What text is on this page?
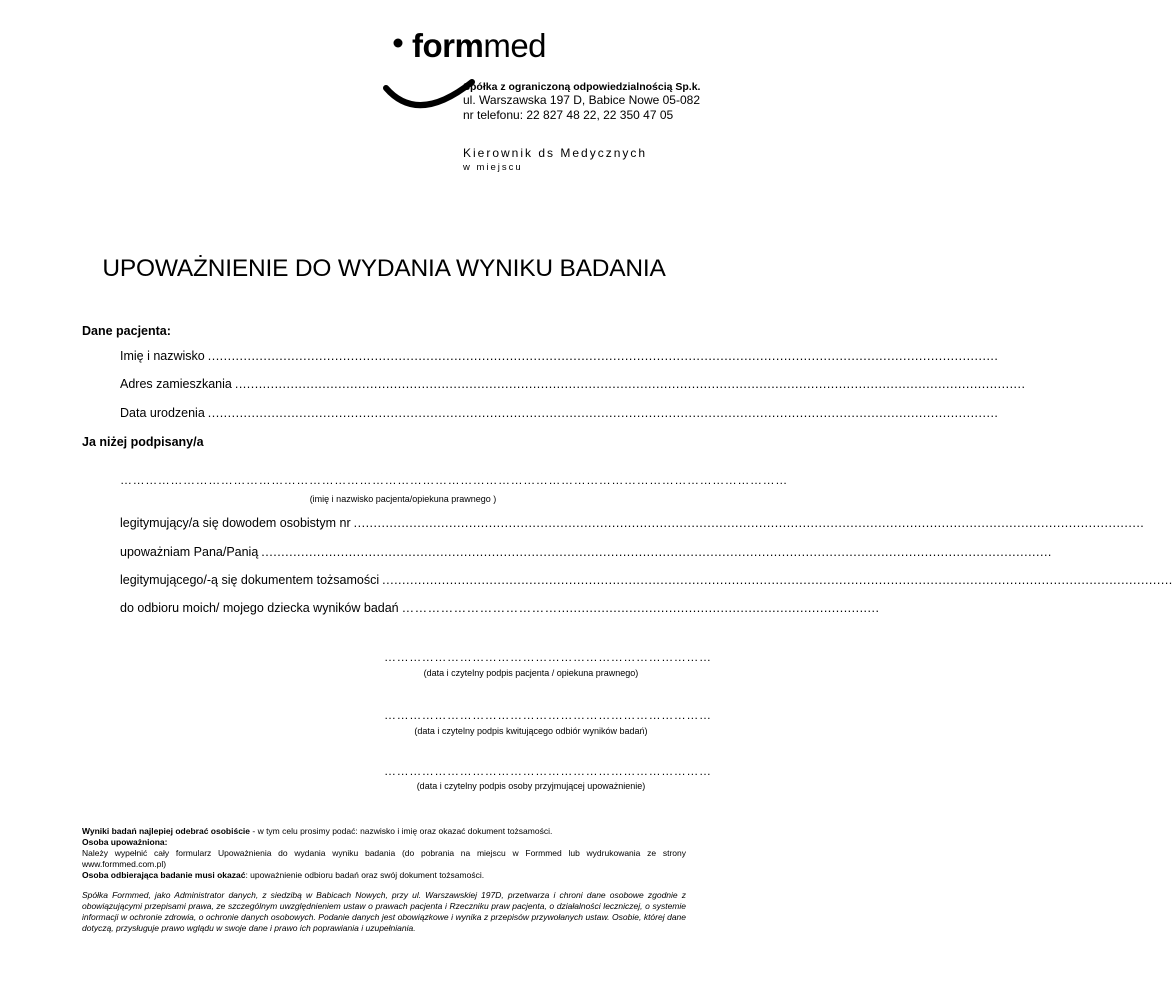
formmed
Spółka z ograniczoną odpowiedzialnością Sp.k.
ul. Warszawska 197 D, Babice Nowe 05-082
nr telefonu: 22 827 48 22, 22 350 47 05
Kierownik ds Medycznych
w miejscu
UPOWAŻNIENIE DO WYDANIA WYNIKU BADANIA
Dane pacjenta:
Imię i nazwisko .......................................................................................................................................................................................................
Adres zamieszkania .......................................................................................................................................................................................................
Data urodzenia .......................................................................................................................................................................................................
Ja niżej podpisany/a
……………………………………………………………………………………………………………………………………………
(imię i nazwisko pacjenta/opiekuna prawnego )
legitymujący/a się dowodem osobistym nr .......................................................................................................................................................................................................
upoważniam Pana/Panią .......................................................................................................................................................................................................
legitymującego/-ą się dokumentem tożsamości .......................................................................................................................................................................................................
do odbioru moich/ mojego dziecka wyników badań ……………………………….................................................................................
……………………………………………………………………
(data i czytelny podpis pacjenta / opiekuna prawnego)
……………………………………………………………………
(data i czytelny podpis kwitującego odbiór wyników badań)
……………………………………………………………………
(data i czytelny podpis osoby przyjmującej upoważnienie)
Wyniki badań najlepiej odebrać osobiście - w tym celu prosimy podać: nazwisko i imię oraz okazać dokument tożsamości.
Osoba upoważniona:
Należy wypełnić cały formularz Upoważnienia do wydania wyniku badania (do pobrania na miejscu w Formmed lub wydrukowania ze strony www.formmed.com.pl)
Osoba odbierająca badanie musi okazać: upoważnienie odbioru badań oraz swój dokument tożsamości.
Spółka Formmed, jako Administrator danych, z siedzibą w Babicach Nowych, przy ul. Warszawskiej 197D, przetwarza i chroni dane osobowe zgodnie z obowiązującymi przepisami prawa, ze szczególnym uwzględnieniem ustaw o prawach pacjenta i Rzeczniku praw pacjenta, o działalności leczniczej, o systemie informacji w ochronie zdrowia, o ochronie danych osobowych. Podanie danych jest obowiązkowe i wynika z przepisów przywołanych ustaw. Osobie, której dane dotyczą, przysługuje prawo wglądu w swoje dane i prawo ich poprawiania i uzupełniania.
